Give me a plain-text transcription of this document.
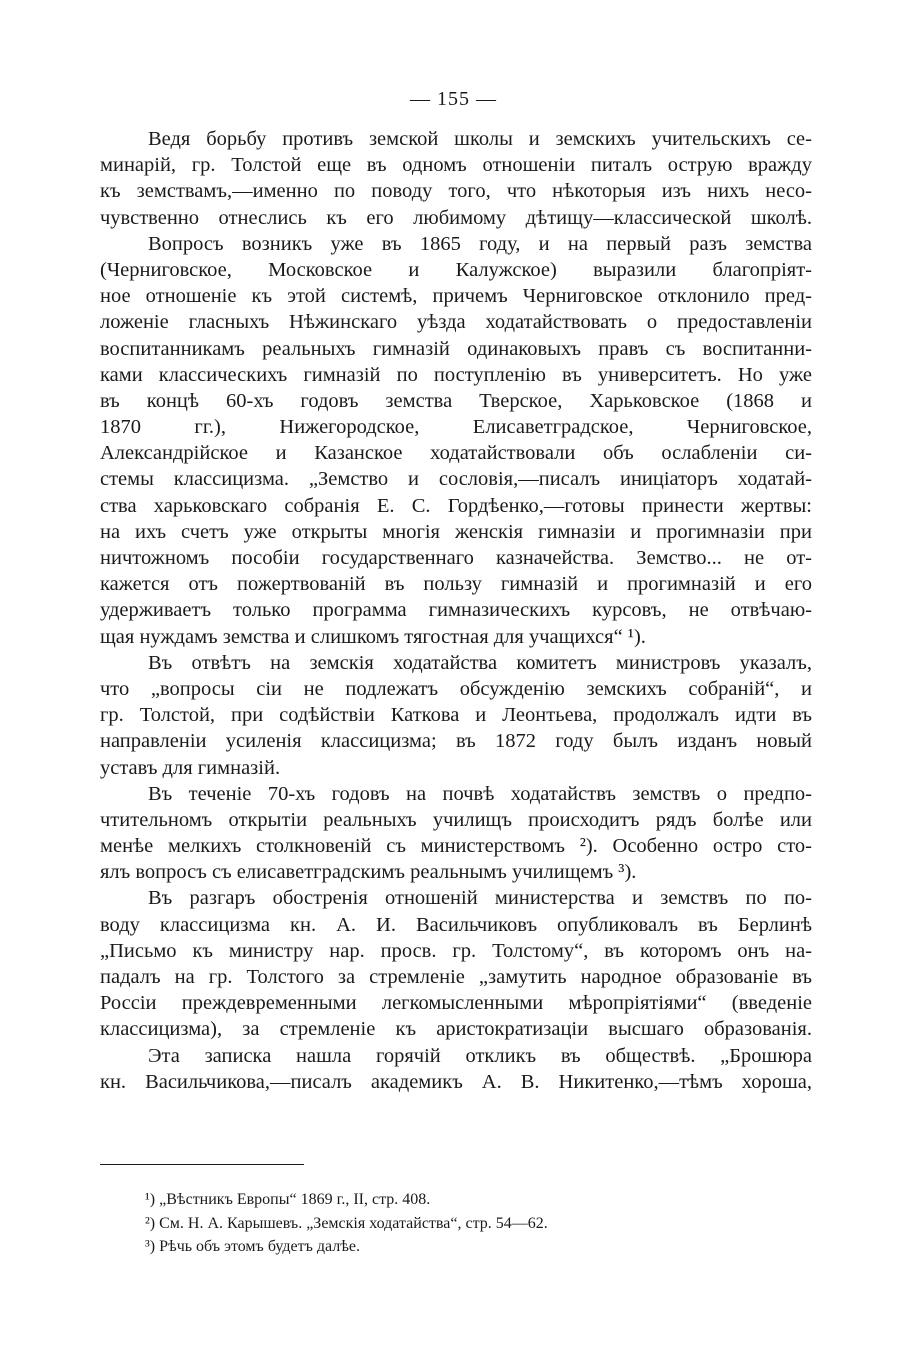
— 155 —
Ведя борьбу противъ земской школы и земскихъ учительскихъ се-
минарій, гр. Толстой еще въ одномъ отношеніи питалъ острую вражду
къ земствамъ,—именно по поводу того, что нѣкоторыя изъ нихъ несо-
чувственно отнеслись къ его любимому дѣтищу—классической школѣ.
Вопросъ возникъ уже въ 1865 году, и на первый разъ земства
(Черниговское, Московское и Калужское) выразили благопріят-
ное отношеніе къ этой системѣ, причемъ Черниговское отклонило пред-
ложеніе гласныхъ Нѣжинскаго уѣзда ходатайствовать о предоставленіи
воспитанникамъ реальныхъ гимназій одинаковыхъ правъ съ воспитанни-
ками классическихъ гимназій по поступленію въ университетъ. Но уже
въ концѣ 60-хъ годовъ земства Тверское, Харьковское (1868 и
1870 гг.), Нижегородское, Елисаветградское, Черниговское,
Александрійское и Казанское ходатайствовали объ ослабленіи си-
стемы классицизма. „Земство и сословія,—писалъ иниціаторъ ходатай-
ства харьковскаго собранія Е. С. Гордѣенко,—готовы принести жертвы:
на ихъ счетъ уже открыты многія женскія гимназіи и прогимназіи при
ничтожномъ пособіи государственнаго казначейства. Земство... не от-
кажется отъ пожертвованій въ пользу гимназій и прогимназій и его
удерживаетъ только программа гимназическихъ курсовъ, не отвѣчаю-
щая нуждамъ земства и слишкомъ тягостная для учащихся“ ¹).
Въ отвѣтъ на земскія ходатайства комитетъ министровъ указалъ,
что „вопросы сіи не подлежатъ обсужденію земскихъ собраній“, и
гр. Толстой, при содѣйствіи Каткова и Леонтьева, продолжалъ идти въ
направленіи усиленія классицизма; въ 1872 году былъ изданъ новый
уставъ для гимназій.
Въ теченіе 70-хъ годовъ на почвѣ ходатайствъ земствъ о предпо-
чтительномъ открытіи реальныхъ училищъ происходитъ рядъ болѣе или
менѣе мелкихъ столкновеній съ министерствомъ ²). Особенно остро сто-
ялъ вопросъ съ елисаветградскимъ реальнымъ училищемъ ³).
Въ разгаръ обостренія отношеній министерства и земствъ по по-
воду классицизма кн. А. И. Васильчиковъ опубликовалъ въ Берлинѣ
„Письмо къ министру нар. просв. гр. Толстому“, въ которомъ онъ на-
падалъ на гр. Толстого за стремленіе „замутить народное образованіе въ
Россіи преждевременными легкомысленными мѣропріятіями“ (введеніе
классицизма), за стремленіе къ аристократизаціи высшаго образованія.
Эта записка нашла горячій откликъ въ обществѣ. „Брошюра
кн. Васильчикова,—писалъ академикъ А. В. Никитенко,—тѣмъ хороша,
¹) „Вѣстникъ Европы“ 1869 г., II, стр. 408.
²) См. Н. А. Карышевъ. „Земскія ходатайства“, стр. 54—62.
³) Рѣчь объ этомъ будетъ далѣе.
